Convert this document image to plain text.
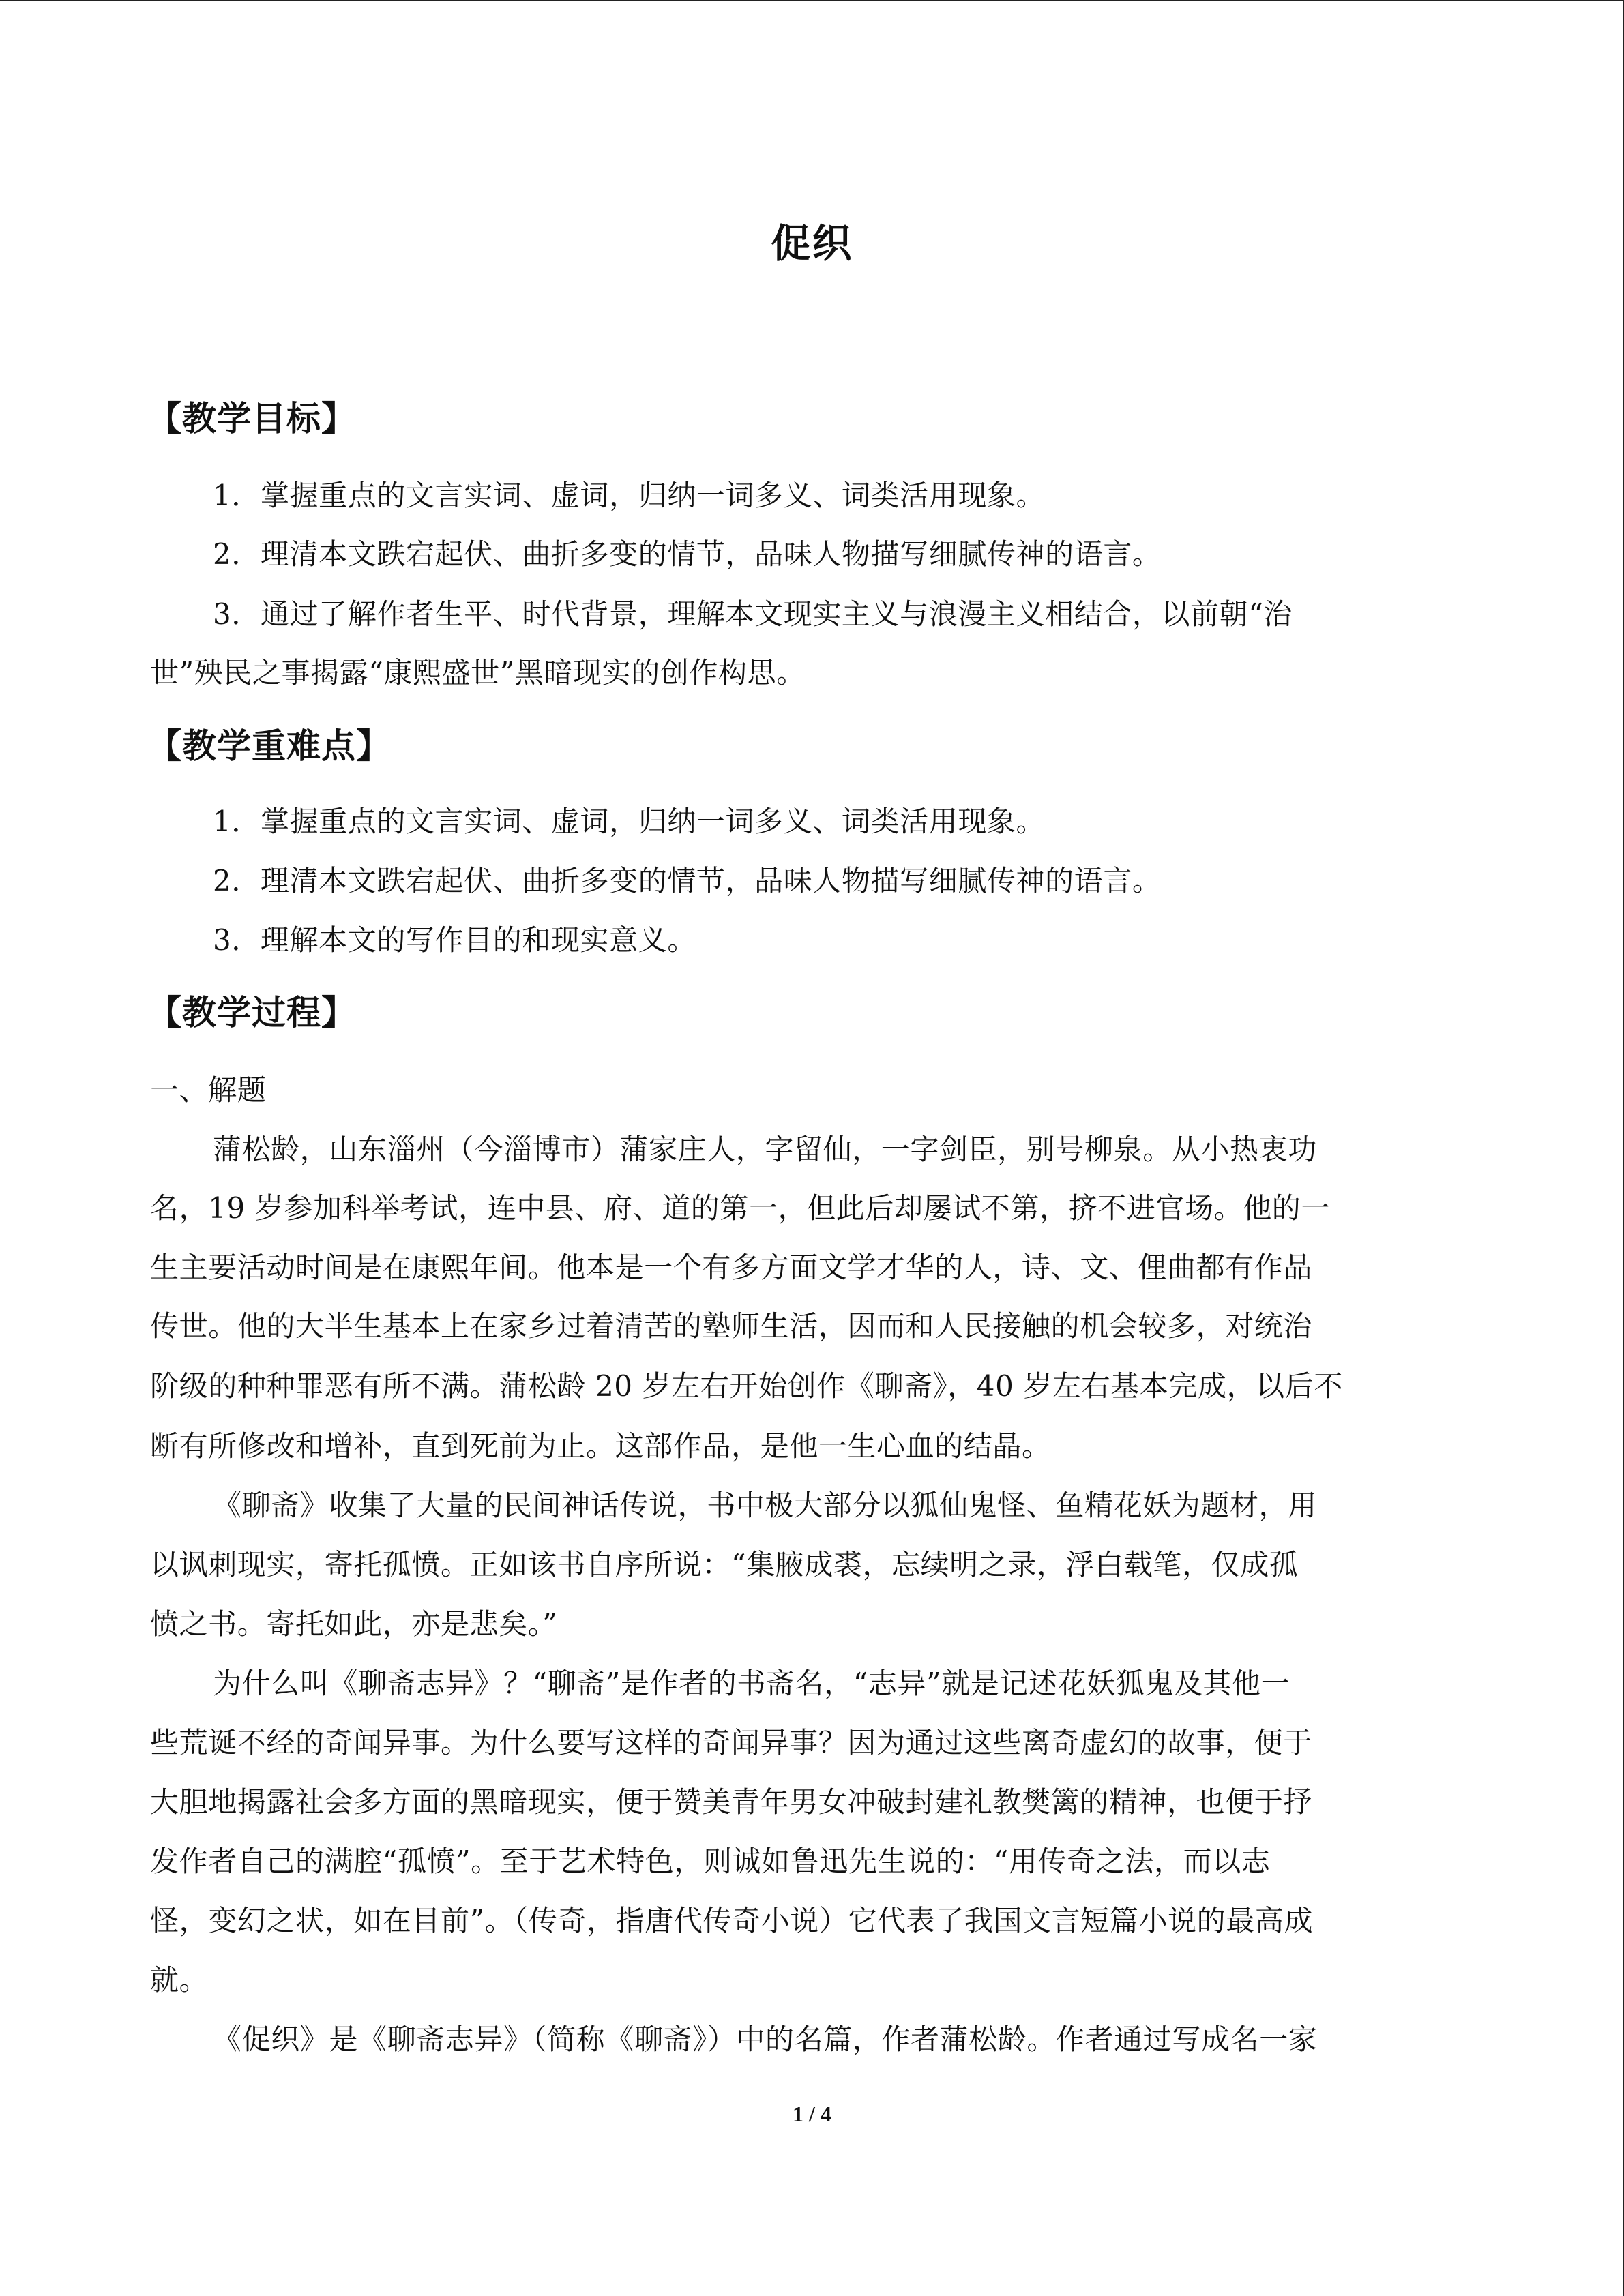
促织
【教学目标】
1．掌握重点的文言实词、虚词，归纳一词多义、词类活用现象。
2．理清本文跌宕起伏、曲折多变的情节，品味人物描写细腻传神的语言。
3．通过了解作者生平、时代背景，理解本文现实主义与浪漫主义相结合，以前朝“治
世”殃民之事揭露“康熙盛世”黑暗现实的创作构思。
【教学重难点】
1．掌握重点的文言实词、虚词，归纳一词多义、词类活用现象。
2．理清本文跌宕起伏、曲折多变的情节，品味人物描写细腻传神的语言。
3．理解本文的写作目的和现实意义。
【教学过程】
一、解题
蒲松龄，山东淄州（今淄博市）蒲家庄人，字留仙，一字剑臣，别号柳泉。从小热衷功
名，19 岁参加科举考试，连中县、府、道的第一，但此后却屡试不第，挤不进官场。他的一
生主要活动时间是在康熙年间。他本是一个有多方面文学才华的人，诗、文、俚曲都有作品
传世。他的大半生基本上在家乡过着清苦的塾师生活，因而和人民接触的机会较多，对统治
阶级的种种罪恶有所不满。蒲松龄 20 岁左右开始创作《聊斋》，40 岁左右基本完成，以后不
断有所修改和增补，直到死前为止。这部作品，是他一生心血的结晶。
《聊斋》收集了大量的民间神话传说，书中极大部分以狐仙鬼怪、鱼精花妖为题材，用
以讽刺现实，寄托孤愤。正如该书自序所说：“集腋成裘，忘续明之录，浮白载笔，仅成孤
愤之书。寄托如此，亦是悲矣。”
为什么叫《聊斋志异》？“聊斋”是作者的书斋名，“志异”就是记述花妖狐鬼及其他一
些荒诞不经的奇闻异事。为什么要写这样的奇闻异事？因为通过这些离奇虚幻的故事，便于
大胆地揭露社会多方面的黑暗现实，便于赞美青年男女冲破封建礼教樊篱的精神，也便于抒
发作者自己的满腔“孤愤”。至于艺术特色，则诚如鲁迅先生说的：“用传奇之法，而以志
怪，变幻之状，如在目前”。（传奇，指唐代传奇小说）它代表了我国文言短篇小说的最高成
就。
《促织》是《聊斋志异》（简称《聊斋》）中的名篇，作者蒲松龄。作者通过写成名一家
1 / 4
